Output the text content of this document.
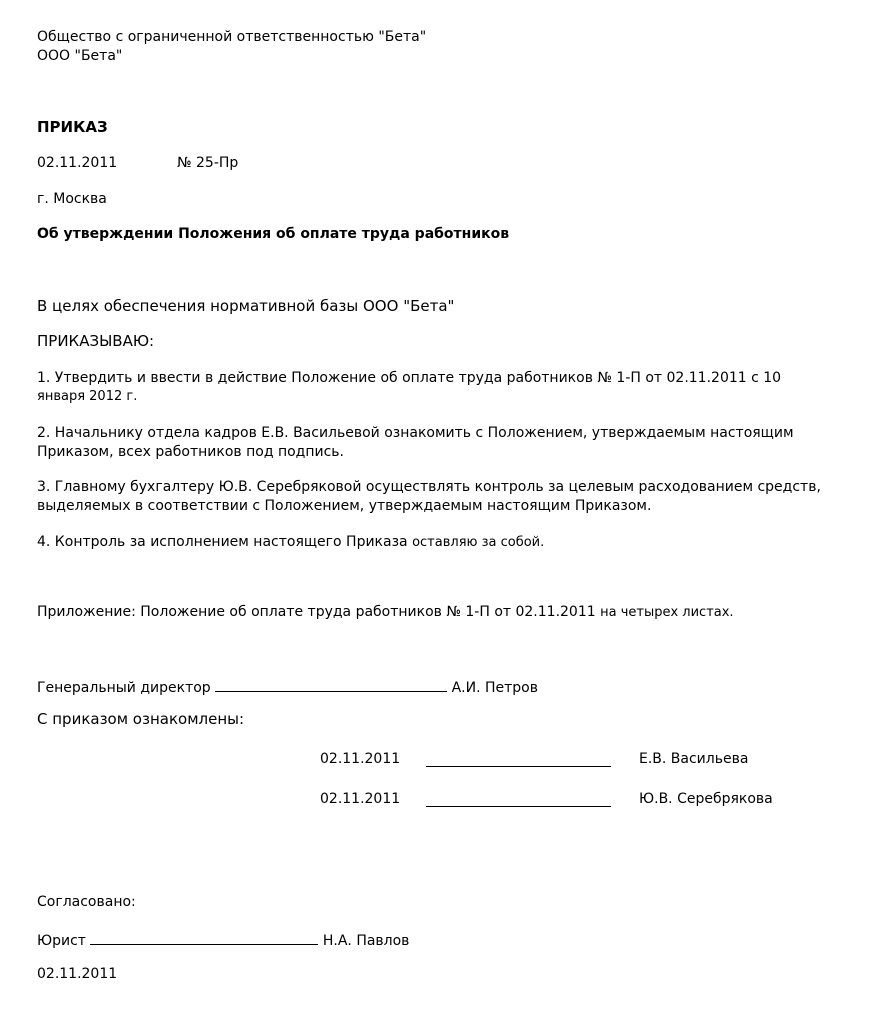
Общество с ограниченной ответственностью "Бета"
ООО "Бета"
ПРИКАЗ
02.11.2011	№ 25-Пр
г. Москва
Об утверждении Положения об оплате труда работников
В целях обеспечения нормативной базы ООО "Бета"
ПРИКАЗЫВАЮ:
1. Утвердить и ввести в действие Положение об оплате труда работников № 1-П от 02.11.2011 с 10
января 2012 г.
2. Начальнику отдела кадров Е.В. Васильевой ознакомить с Положением, утверждаемым настоящим
Приказом, всех работников под подпись.
3. Главному бухгалтеру Ю.В. Серебряковой осуществлять контроль за целевым расходованием средств,
выделяемых в соответствии с Положением, утверждаемым настоящим Приказом.
4. Контроль за исполнением настоящего Приказа оставляю за собой.
Приложение: Положение об оплате труда работников № 1-П от 02.11.2011 на четырех листах.
Генеральный директор	А.И. Петров
С приказом ознакомлены:
02.11.2011	Е.В. Васильева
02.11.2011	Ю.В. Серебрякова
Согласовано:
Юрист	Н.А. Павлов
02.11.2011
